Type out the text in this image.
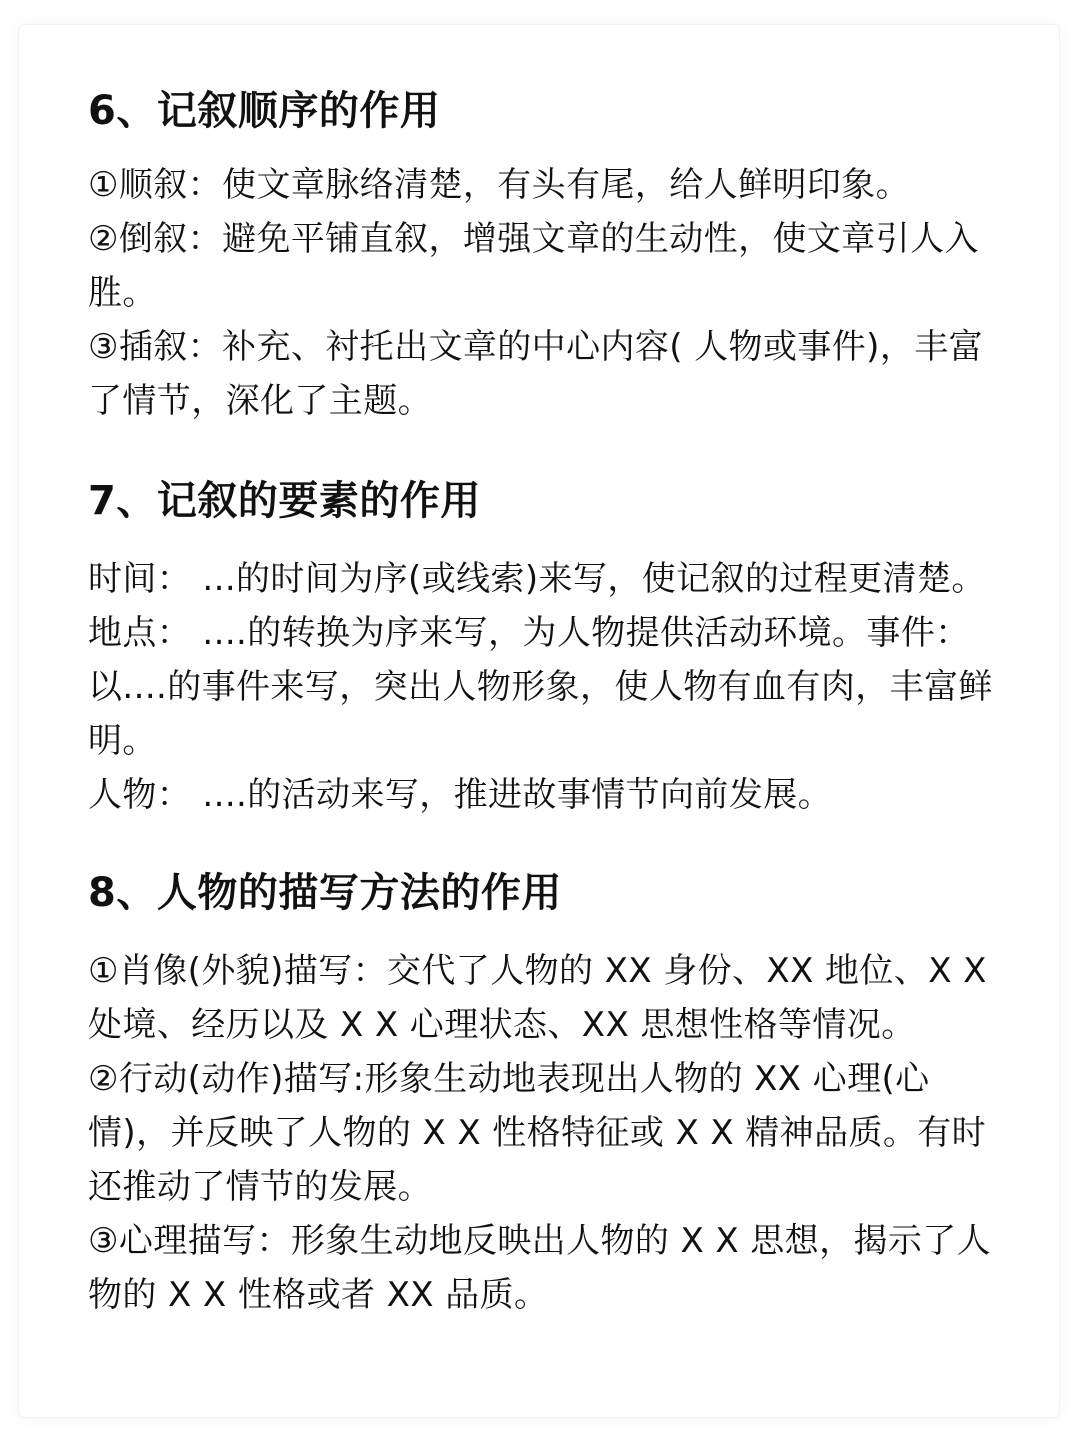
6、记叙顺序的作用

①顺叙：使文章脉络清楚，有头有尾，给人鲜明印象。

②倒叙：避免平铺直叙，增强文章的生动性，使文章引人入胜。

③插叙：补充、衬托出文章的中心内容( 人物或事件)，丰富了情节，深化了主题。

7、记叙的要素的作用

时间： ...的时间为序(或线索)来写，使记叙的过程更清楚。地点： ....的转换为序来写，为人物提供活动环境。事件：以....的事件来写，突出人物形象，使人物有血有肉，丰富鲜明。

人物： ....的活动来写，推进故事情节向前发展。

8、人物的描写方法的作用

①肖像(外貌)描写：交代了人物的 XX 身份、XX 地位、X X 处境、经历以及 X X 心理状态、XX 思想性格等情况。

②行动(动作)描写:形象生动地表现出人物的 XX 心理(心情)，并反映了人物的 X X 性格特征或 X X 精神品质。有时还推动了情节的发展。

③心理描写：形象生动地反映出人物的 X X 思想，揭示了人物的 X X 性格或者 XX 品质。
